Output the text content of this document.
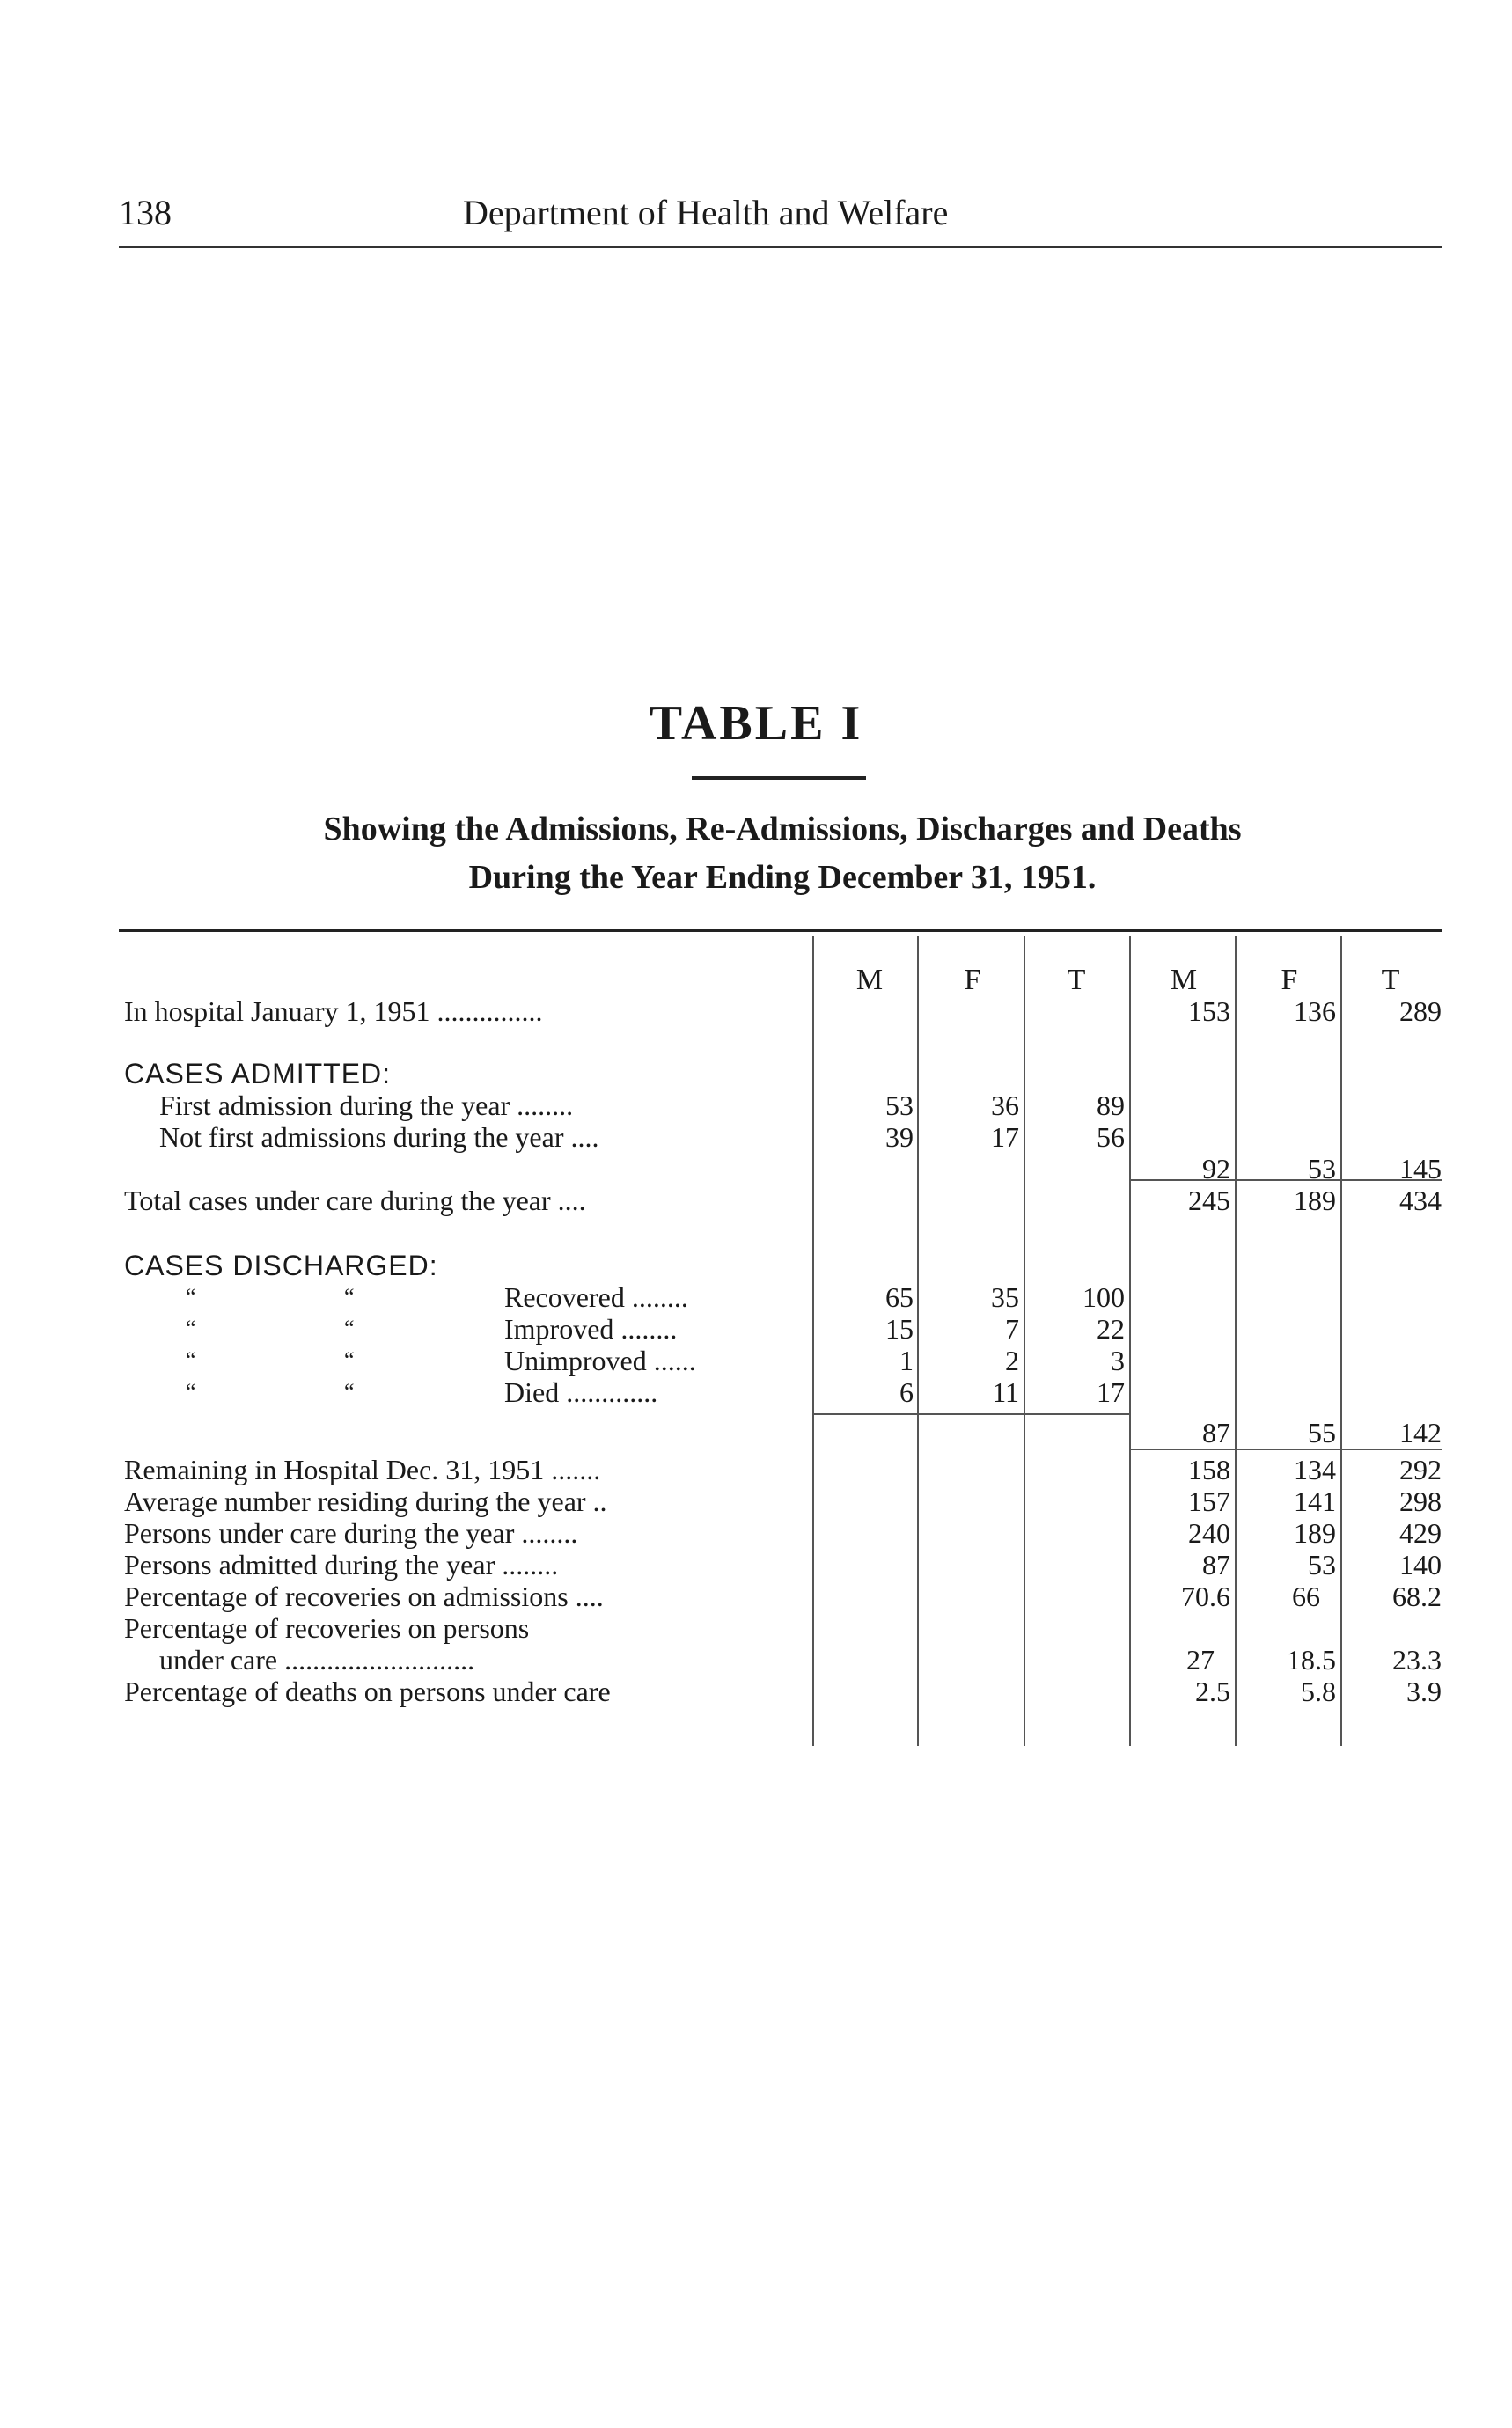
138	Department of Health and Welfare
TABLE I
Showing the Admissions, Re-Admissions, Discharges and Deaths
During the Year Ending December 31, 1951.
M	F	T	M	F	T
In hospital January 1, 1951 ...............	153	136	289
CASES ADMITTED:
First admission during the year ........	53	36	89
Not first admissions during the year ....	39	17	56
92	53	145
Total cases under care during the year ....	245	189	434
CASES DISCHARGED:
“	“	Recovered ........	65	35	100
“	“	Improved ........	15	7	22
“	“	Unimproved ......	1	2	3
“	“	Died .............	6	11	17
87	55	142
Remaining in Hospital Dec. 31, 1951 .......	158	134	292
Average number residing during the year ..	157	141	298
Persons under care during the year ........	240	189	429
Persons admitted during the year ........	87	53	140
Percentage of recoveries on admissions ....	70.6	66	68.2
Percentage of recoveries on persons
under care ...........................	27	18.5	23.3
Percentage of deaths on persons under care	2.5	5.8	3.9
